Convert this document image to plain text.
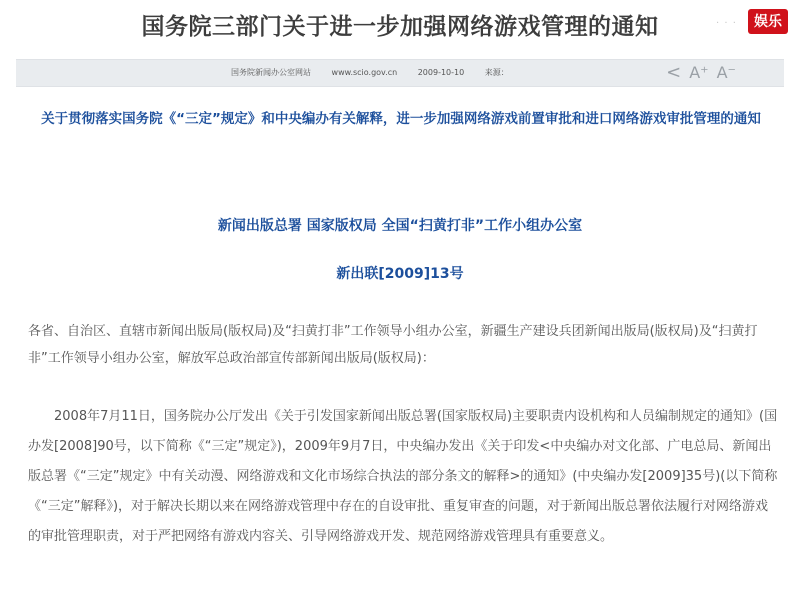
国务院三部门关于进一步加强网络游戏管理的通知	· · ·	娱乐
国务院新闻办公室网站	www.scio.gov.cn	2009-10-10	来源：	< A⁺ A⁻
关于贯彻落实国务院《“三定”规定》和中央编办有关解释，进一步加强网络游戏前置审批和进口网络游戏审批管理的通知
新闻出版总署 国家版权局 全国“扫黄打非”工作小组办公室
新出联[2009]13号
各省、自治区、直辖市新闻出版局(版权局)及“扫黄打非”工作领导小组办公室，新疆生产建设兵团新闻出版局(版权局)及“扫黄打非”工作领导小组办公室，解放军总政治部宣传部新闻出版局(版权局)：
2008年7月11日，国务院办公厅发出《关于引发国家新闻出版总署(国家版权局)主要职责内设机构和人员编制规定的通知》(国办发[2008]90号，以下简称《“三定”规定》)，2009年9月7日，中央编办发出《关于印发<中央编办对文化部、广电总局、新闻出版总署《“三定”规定》中有关动漫、网络游戏和文化市场综合执法的部分条文的解释>的通知》(中央编办发[2009]35号)(以下简称《“三定”解释》)，对于解决长期以来在网络游戏管理中存在的自设审批、重复审查的问题，对于新闻出版总署依法履行对网络游戏的审批管理职责，对于严把网络有游戏内容关、引导网络游戏开发、规范网络游戏管理具有重要意义。
